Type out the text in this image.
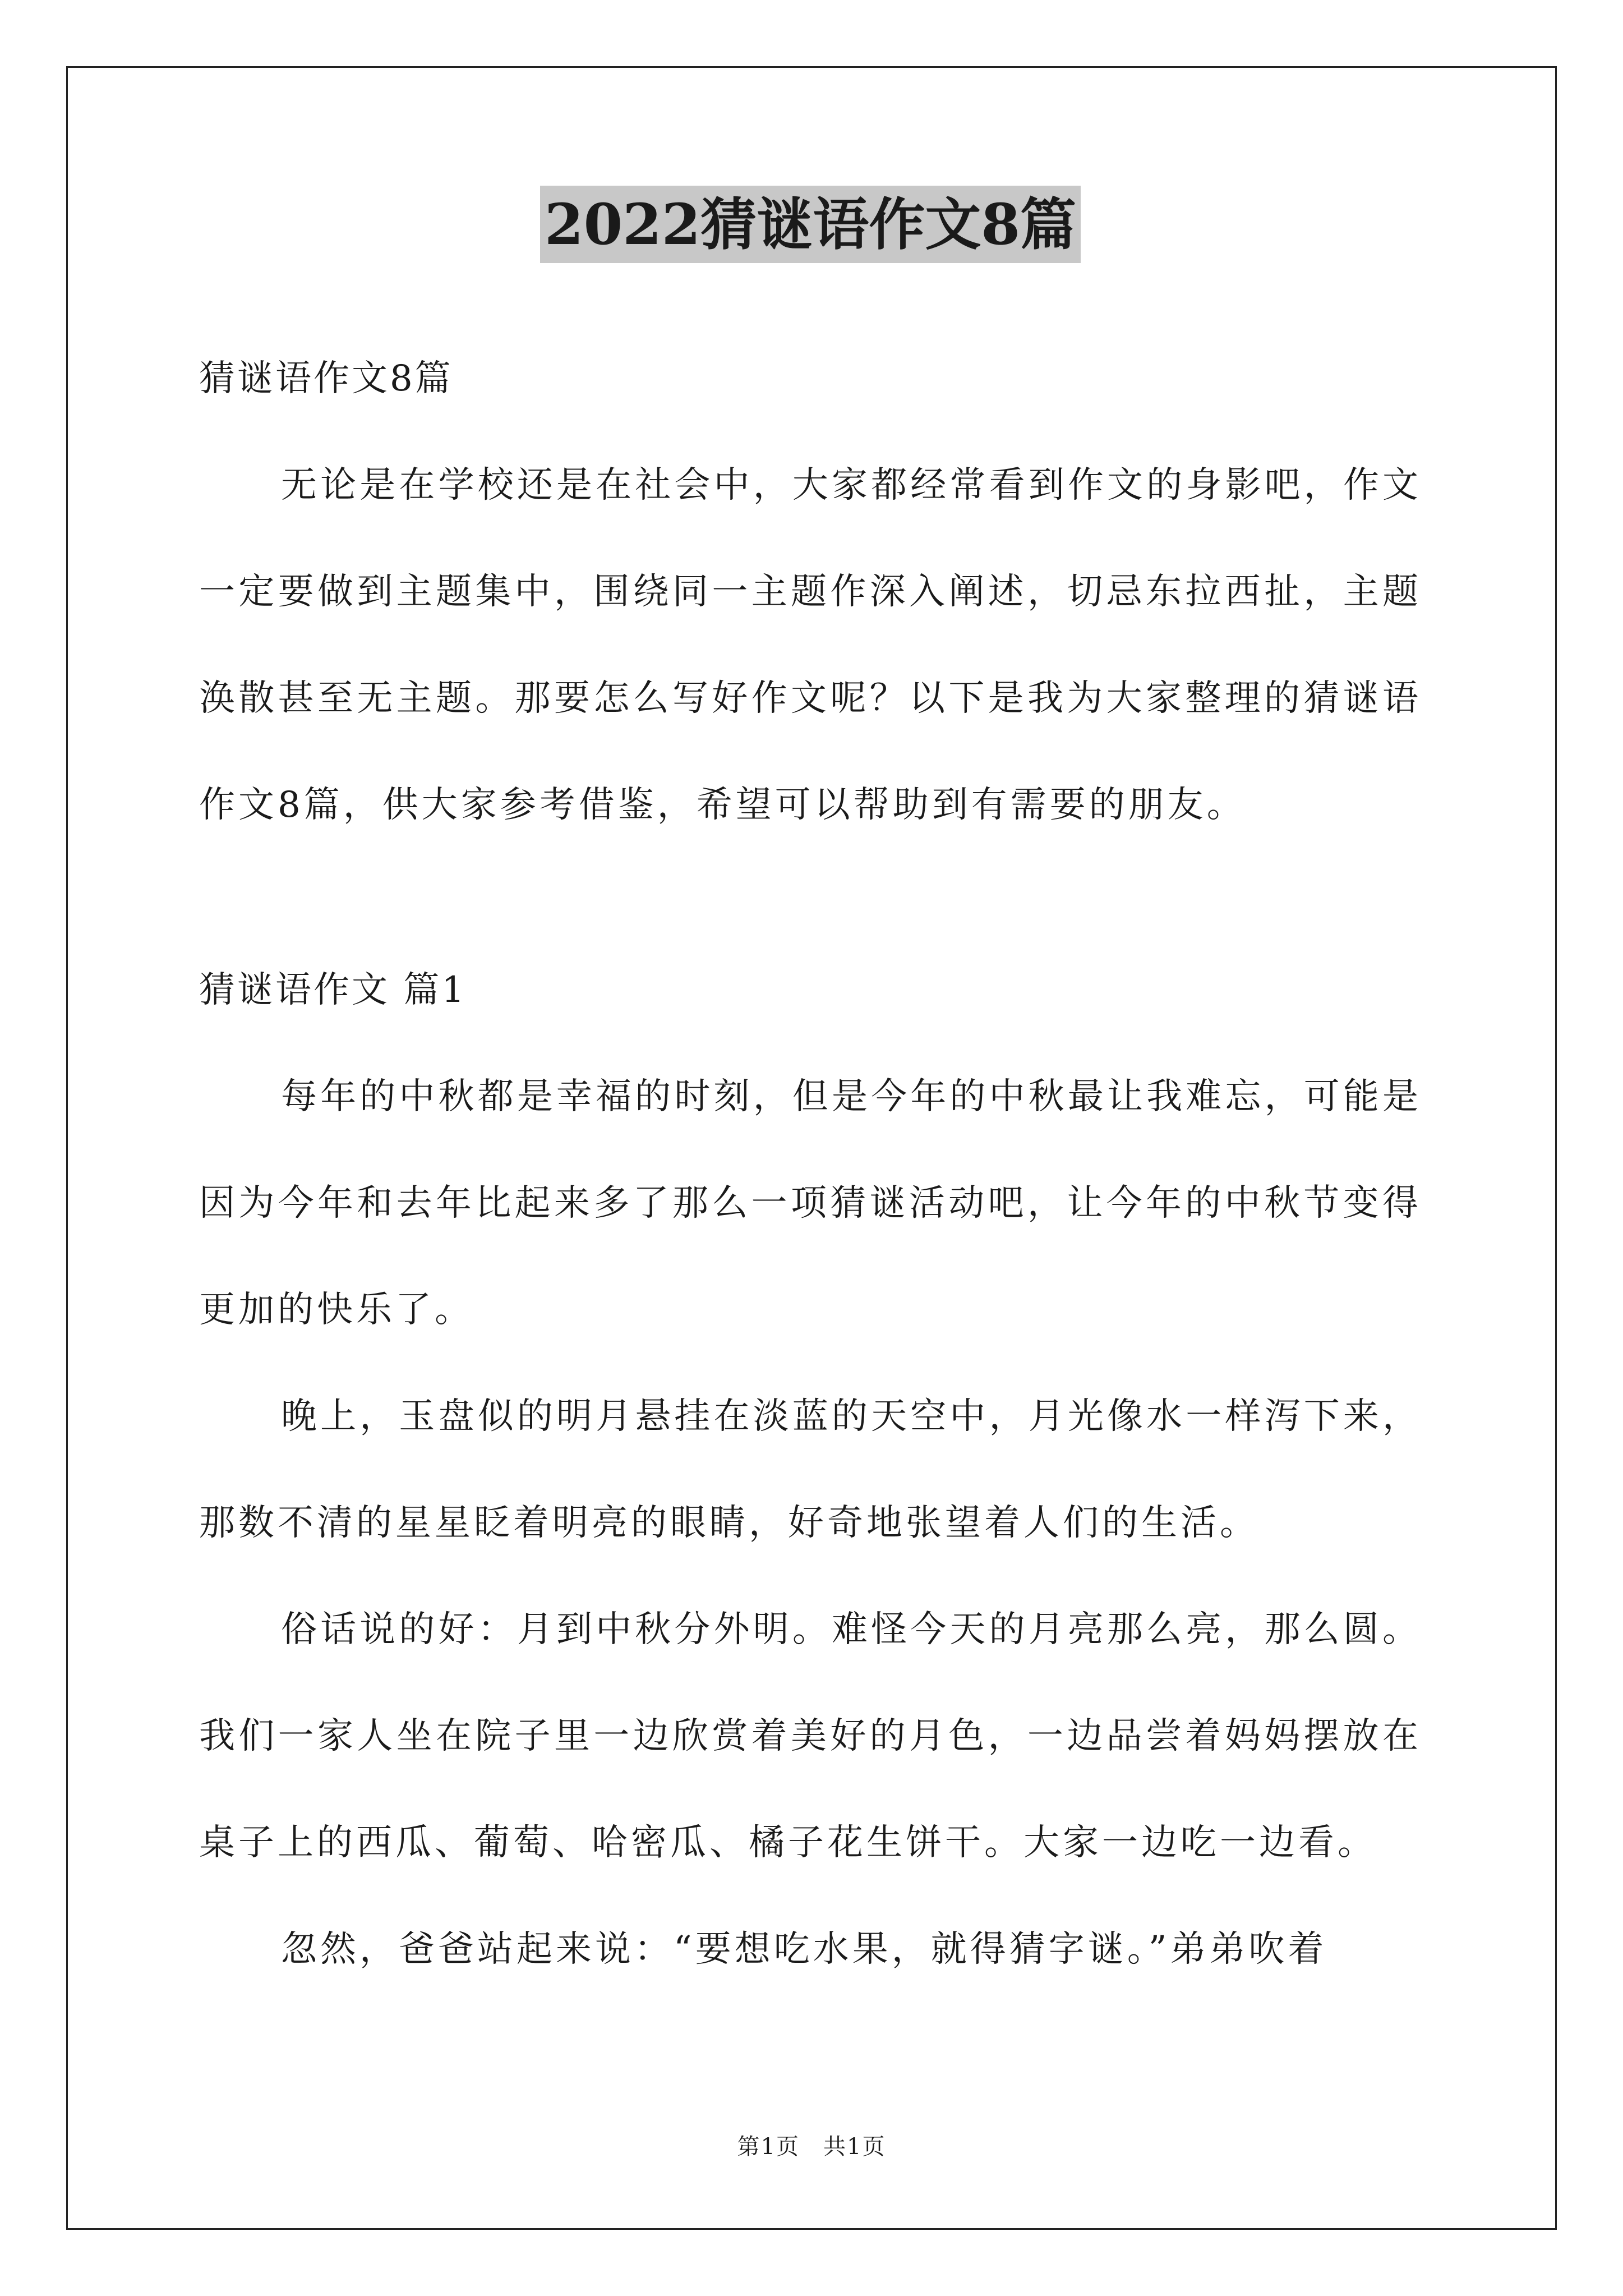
2022猜谜语作文8篇

猜谜语作文8篇

无论是在学校还是在社会中，大家都经常看到作文的身影吧，作文一定要做到主题集中，围绕同一主题作深入阐述，切忌东拉西扯，主题涣散甚至无主题。那要怎么写好作文呢？以下是我为大家整理的猜谜语作文8篇，供大家参考借鉴，希望可以帮助到有需要的朋友。

猜谜语作文 篇1

每年的中秋都是幸福的时刻，但是今年的中秋最让我难忘，可能是因为今年和去年比起来多了那么一项猜谜活动吧，让今年的中秋节变得更加的快乐了。

晚上，玉盘似的明月悬挂在淡蓝的天空中，月光像水一样泻下来，那数不清的星星眨着明亮的眼睛，好奇地张望着人们的生活。

俗话说的好：月到中秋分外明。难怪今天的月亮那么亮，那么圆。我们一家人坐在院子里一边欣赏着美好的月色，一边品尝着妈妈摆放在桌子上的西瓜、葡萄、哈密瓜、橘子花生饼干。大家一边吃一边看。

忽然，爸爸站起来说：“要想吃水果，就得猜字谜。”弟弟吹着

第1页　共1页
